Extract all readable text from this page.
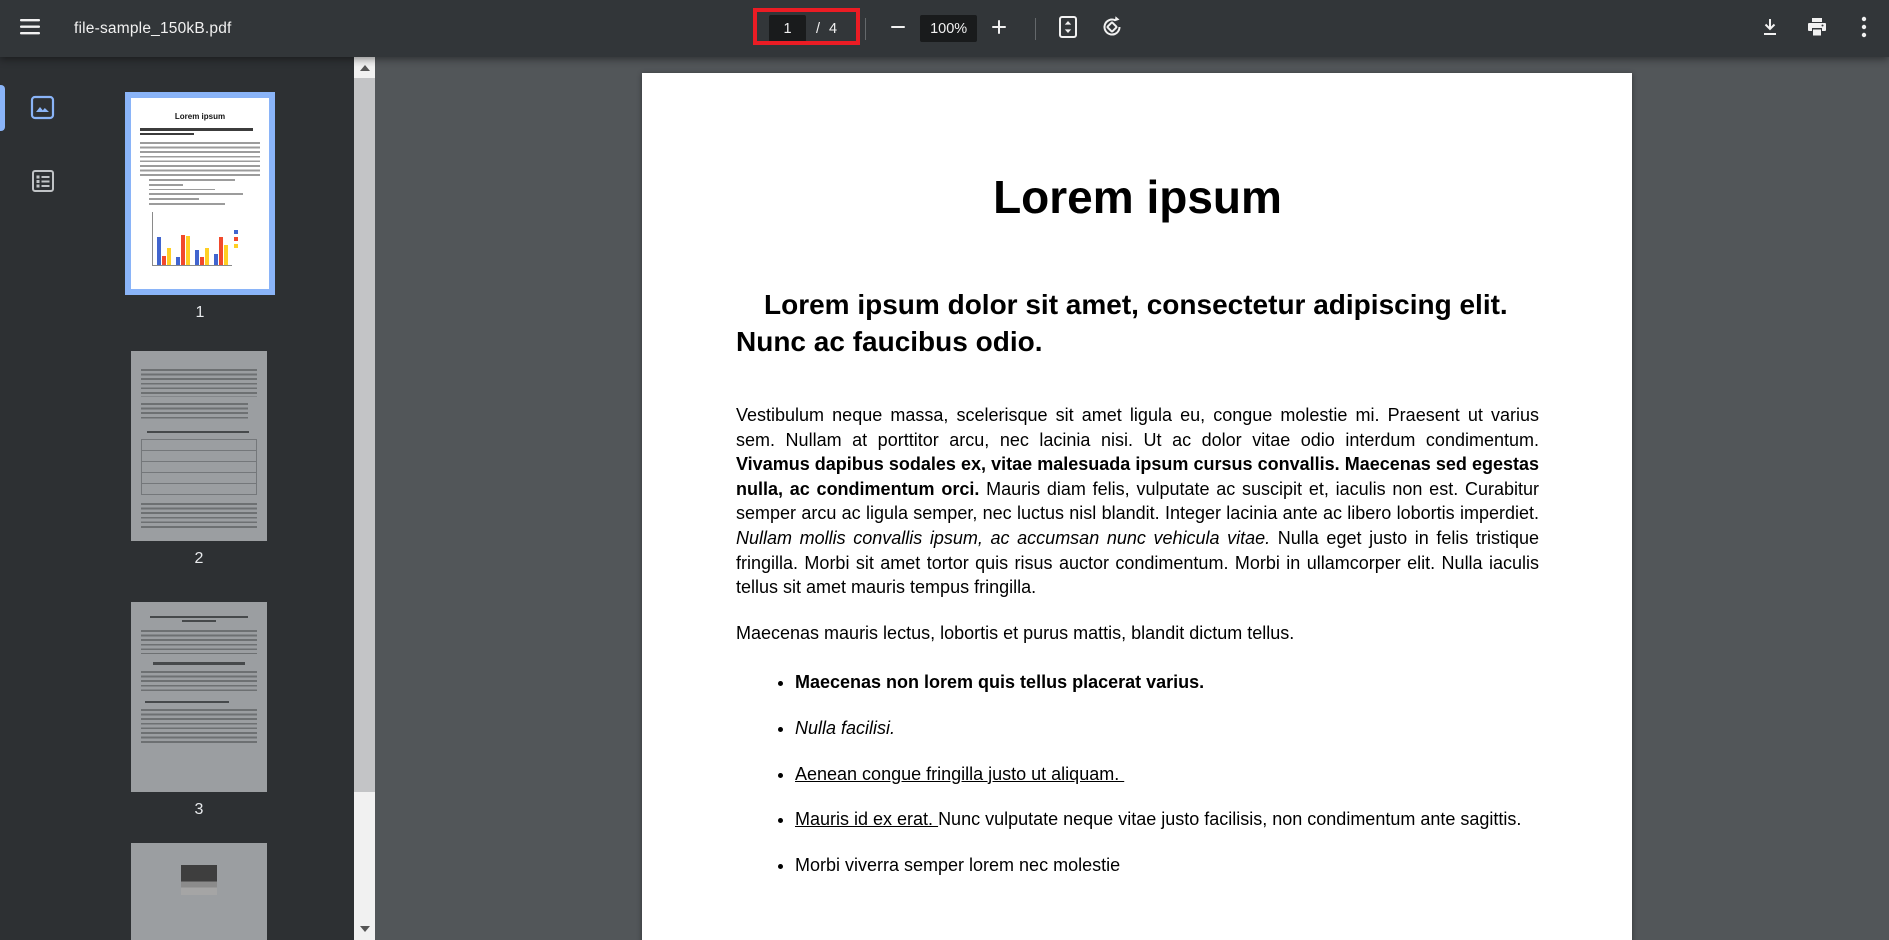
file-sample_150kB.pdf
1	/ 4	100%
Lorem ipsum
1
2
3
Lorem ipsum
Lorem ipsum dolor sit amet, consectetur adipiscing elit. Nunc ac faucibus odio.

Vestibulum neque massa, scelerisque sit amet ligula eu, congue molestie mi. Praesent ut varius sem. Nullam at porttitor arcu, nec lacinia nisi. Ut ac dolor vitae odio interdum condimentum. Vivamus dapibus sodales ex, vitae malesuada ipsum cursus convallis. Maecenas sed egestas nulla, ac condimentum orci. Mauris diam felis, vulputate ac suscipit et, iaculis non est. Curabitur semper arcu ac ligula semper, nec luctus nisl blandit. Integer lacinia ante ac libero lobortis imperdiet. Nullam mollis convallis ipsum, ac accumsan nunc vehicula vitae. Nulla eget justo in felis tristique fringilla. Morbi sit amet tortor quis risus auctor condimentum. Morbi in ullamcorper elit. Nulla iaculis tellus sit amet mauris tempus fringilla.

Maecenas mauris lectus, lobortis et purus mattis, blandit dictum tellus.

• Maecenas non lorem quis tellus placerat varius.
• Nulla facilisi.
• Aenean congue fringilla justo ut aliquam.
• Mauris id ex erat. Nunc vulputate neque vitae justo facilisis, non condimentum ante sagittis.
• Morbi viverra semper lorem nec molestie
